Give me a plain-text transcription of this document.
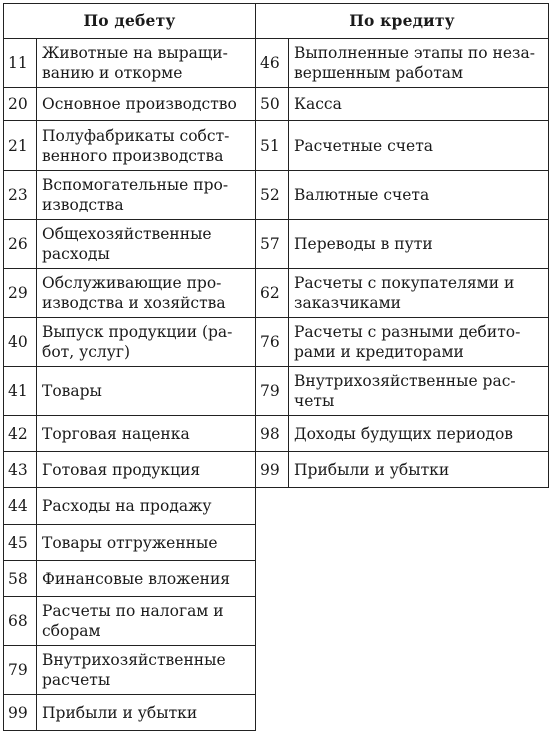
По дебету		По кредиту	
11	Животные на выращи-ванию и откорме	46	Выполненные этапы по неза-вершенным работам
20	Основное производство	50	Касса
21	Полуфабрикаты собст-венного производства	51	Расчетные счета
23	Вспомогательные про-изводства	52	Валютные счета
26	Общехозяйственные расходы	57	Переводы в пути
29	Обслуживающие про-изводства и хозяйства	62	Расчеты с покупателями и заказчиками
40	Выпуск продукции (ра-бот, услуг)	76	Расчеты с разными дебито-рами и кредиторами
41	Товары	79	Внутрихозяйственные рас-четы
42	Торговая наценка	98	Доходы будущих периодов
43	Готовая продукция	99	Прибыли и убытки
44	Расходы на продажу		
45	Товары отгруженные		
58	Финансовые вложения		
68	Расчеты по налогам и сборам		
79	Внутрихозяйственные расчеты		
99	Прибыли и убытки		
